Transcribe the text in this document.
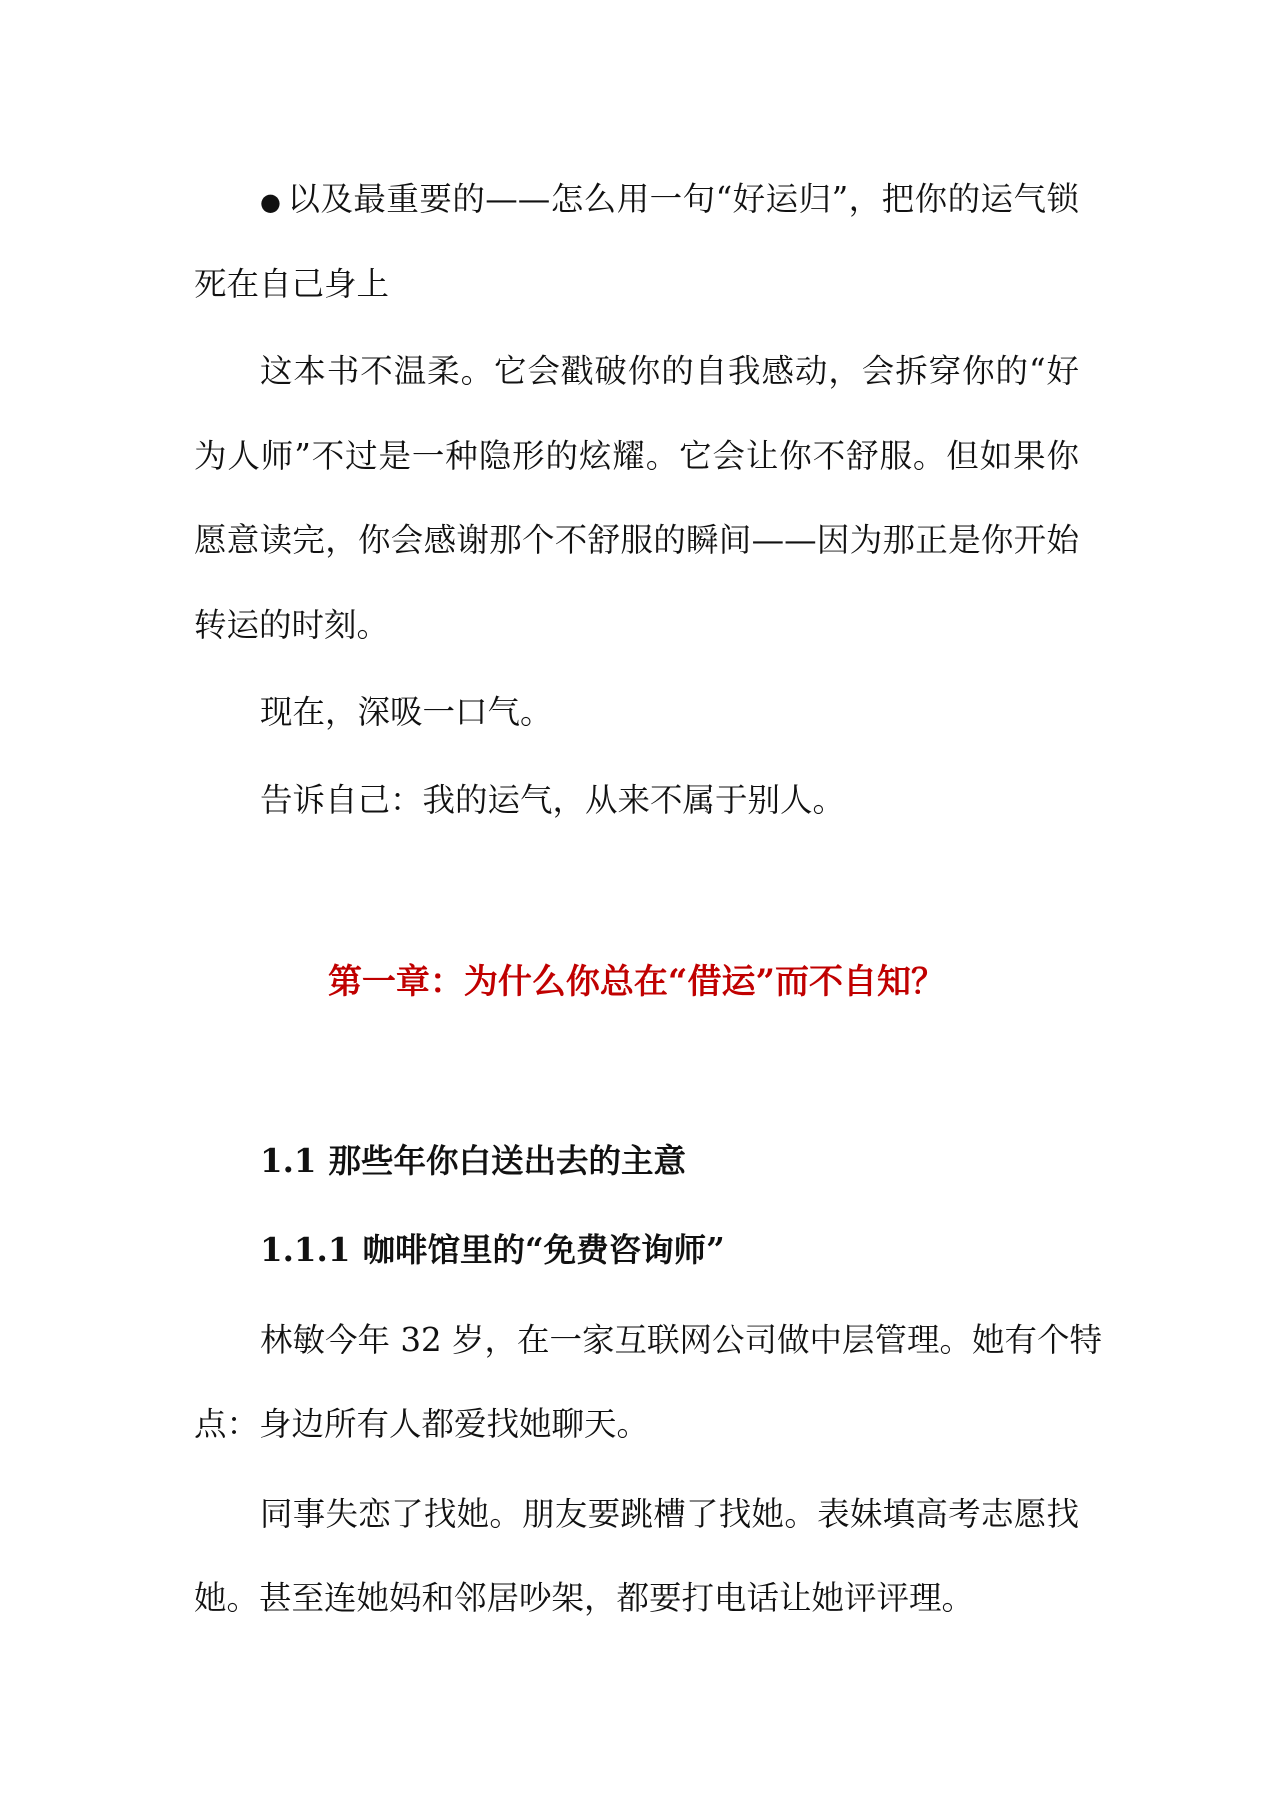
● 以及最重要的——怎么用一句“好运归”，把你的运气锁
死在自己身上
这本书不温柔。它会戳破你的自我感动，会拆穿你的“好
为人师”不过是一种隐形的炫耀。它会让你不舒服。但如果你
愿意读完，你会感谢那个不舒服的瞬间——因为那正是你开始
转运的时刻。
现在，深吸一口气。
告诉自己：我的运气，从来不属于别人。
第一章：为什么你总在“借运”而不自知？
1.1 那些年你白送出去的主意
1.1.1 咖啡馆里的“免费咨询师”
林敏今年 32 岁，在一家互联网公司做中层管理。她有个特
点：身边所有人都爱找她聊天。
同事失恋了找她。朋友要跳槽了找她。表妹填高考志愿找
她。甚至连她妈和邻居吵架，都要打电话让她评评理。
